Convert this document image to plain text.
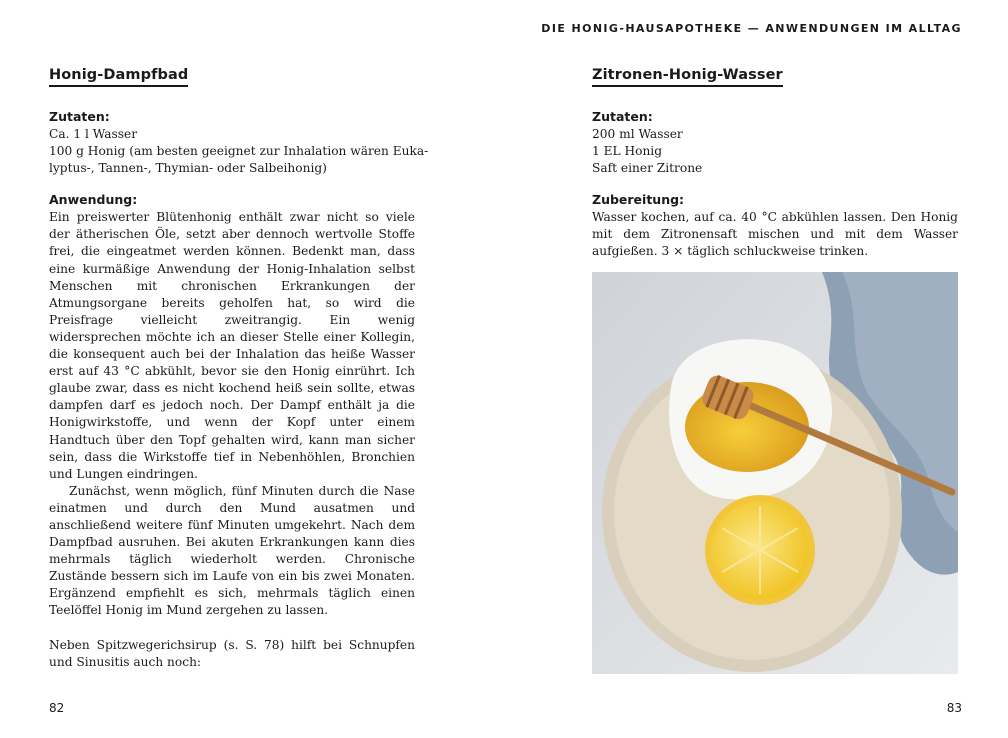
Honig-Dampfbad
Zutaten:
Ca. 1 l Wasser
100 g Honig (am besten geeignet zur Inhalation wären Euka-
lyptus-, Tannen-, Thymian- oder Salbeihonig)
Anwendung:

Ein preiswerter Blütenhonig enthält zwar nicht so viele der ätherischen Öle, setzt aber dennoch wertvolle Stoffe frei, die eingeatmet werden können. Bedenkt man, dass eine kurmäßige Anwendung der Honig-Inhalation selbst Menschen mit chronischen Erkrankungen der Atmungsorgane bereits geholfen hat, so wird die Preisfrage vielleicht zweitrangig. Ein wenig widersprechen möchte ich an dieser Stelle einer Kollegin, die konsequent auch bei der Inhalation das heiße Wasser erst auf 43 °C abkühlt, bevor sie den Honig einrührt. Ich glaube zwar, dass es nicht kochend heiß sein sollte, etwas dampfen darf es jedoch noch. Der Dampf enthält ja die Honigwirkstoffe, und wenn der Kopf unter einem Handtuch über den Topf gehalten wird, kann man sicher sein, dass die Wirkstoffe tief in Nebenhöhlen, Bronchien und Lungen eindringen.

Zunächst, wenn möglich, fünf Minuten durch die Nase einatmen und durch den Mund ausatmen und anschließend weitere fünf Minuten umgekehrt. Nach dem Dampfbad ausruhen. Bei akuten Erkrankungen kann dies mehrmals täglich wiederholt werden. Chronische Zustände bessern sich im Laufe von ein bis zwei Monaten. Ergänzend empfiehlt es sich, mehrmals täglich einen Teelöffel Honig im Mund zergehen zu lassen.

Neben Spitzwegerichsirup (s. S. 78) hilft bei Schnupfen und Sinusitis auch noch:

82
DIE HONIG-HAUSAPOTHEKE — ANWENDUNGEN IM ALLTAG
Zitronen-Honig-Wasser
Zutaten:
200 ml Wasser
1 EL Honig
Saft einer Zitrone
Zubereitung:

Wasser kochen, auf ca. 40 °C abkühlen lassen. Den Honig mit dem Zitronensaft mischen und mit dem Wasser aufgießen. 3 × täglich schluckweise trinken.

83
